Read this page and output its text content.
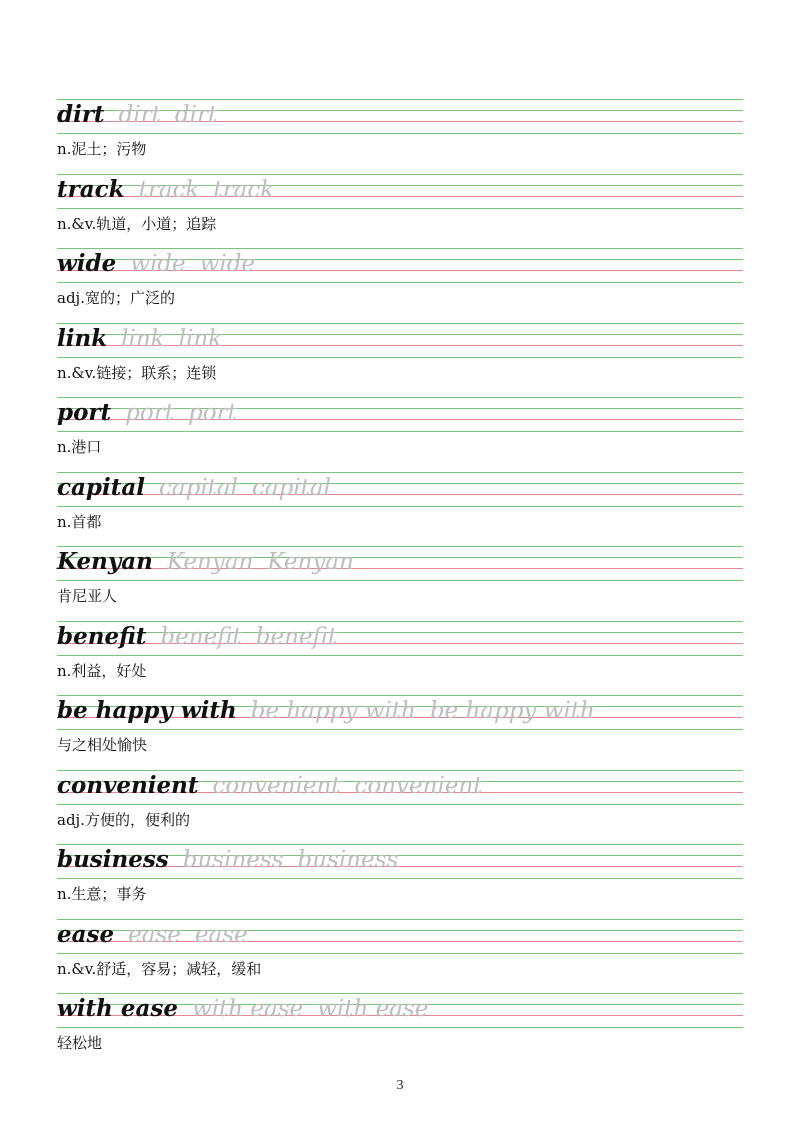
dirt dirt dirt
n.泥土；污物
track track track
n.&v.轨道，小道；追踪
wide wide wide
adj.宽的；广泛的
link link link
n.&v.链接；联系；连锁
port port port
n.港口
capital capital capital
n.首都
Kenyan Kenyan Kenyan
肯尼亚人
benefit benefit benefit
n.利益，好处
be happy with be happy with be happy with
与之相处愉快
convenient convenient convenient
adj.方便的，便利的
business business business
n.生意；事务
ease ease ease
n.&v.舒适，容易；减轻，缓和
with ease with ease with ease
轻松地
3
